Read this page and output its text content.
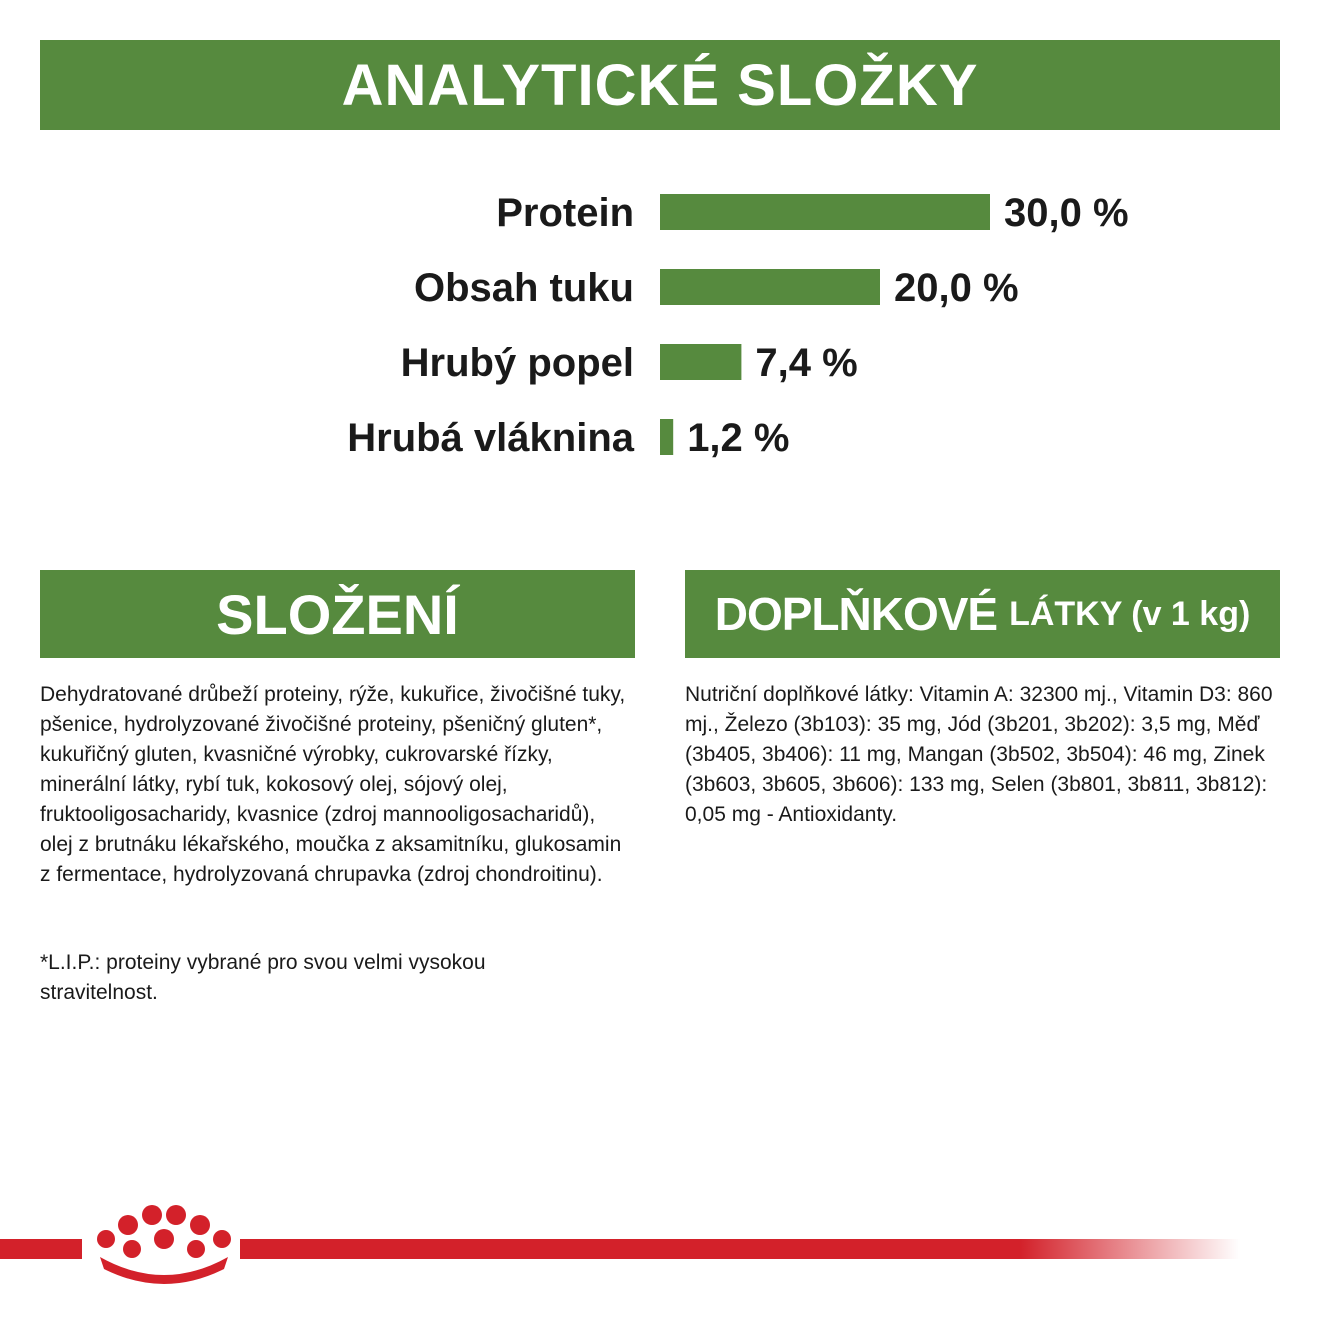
ANALYTICKÉ SLOŽKY
Protein	30,0 %
Obsah tuku	20,0 %
Hrubý popel	7,4 %
Hrubá vláknina 1,2 %
SLOŽENÍ	DOPLŇKOVÉ LÁTKY (v 1 kg)

Dehydratované drůbeží proteiny, rýže, kukuřice, živočišné tuky, pšenice, hydrolyzované živočišné proteiny, pšeničný gluten*, kukuřičný gluten, kvasničné výrobky, cukrovarské řízky, minerální látky, rybí tuk, kokosový olej, sójový olej, fruktooligosacharidy, kvasnice (zdroj mannooligosacharidů), olej z brutnáku lékařského, moučka z aksamitníku, glukosamin z fermentace, hydrolyzovaná chrupavka (zdroj chondroitinu).

*L.I.P.: proteiny vybrané pro svou velmi vysokou stravitelnost.

Nutriční doplňkové látky: Vitamin A: 32300 mj., Vitamin D3: 860 mj., Železo (3b103): 35 mg, Jód (3b201, 3b202): 3,5 mg, Měď (3b405, 3b406): 11 mg, Mangan (3b502, 3b504): 46 mg, Zinek (3b603, 3b605, 3b606): 133 mg, Selen (3b801, 3b811, 3b812): 0,05 mg - Antioxidanty.
